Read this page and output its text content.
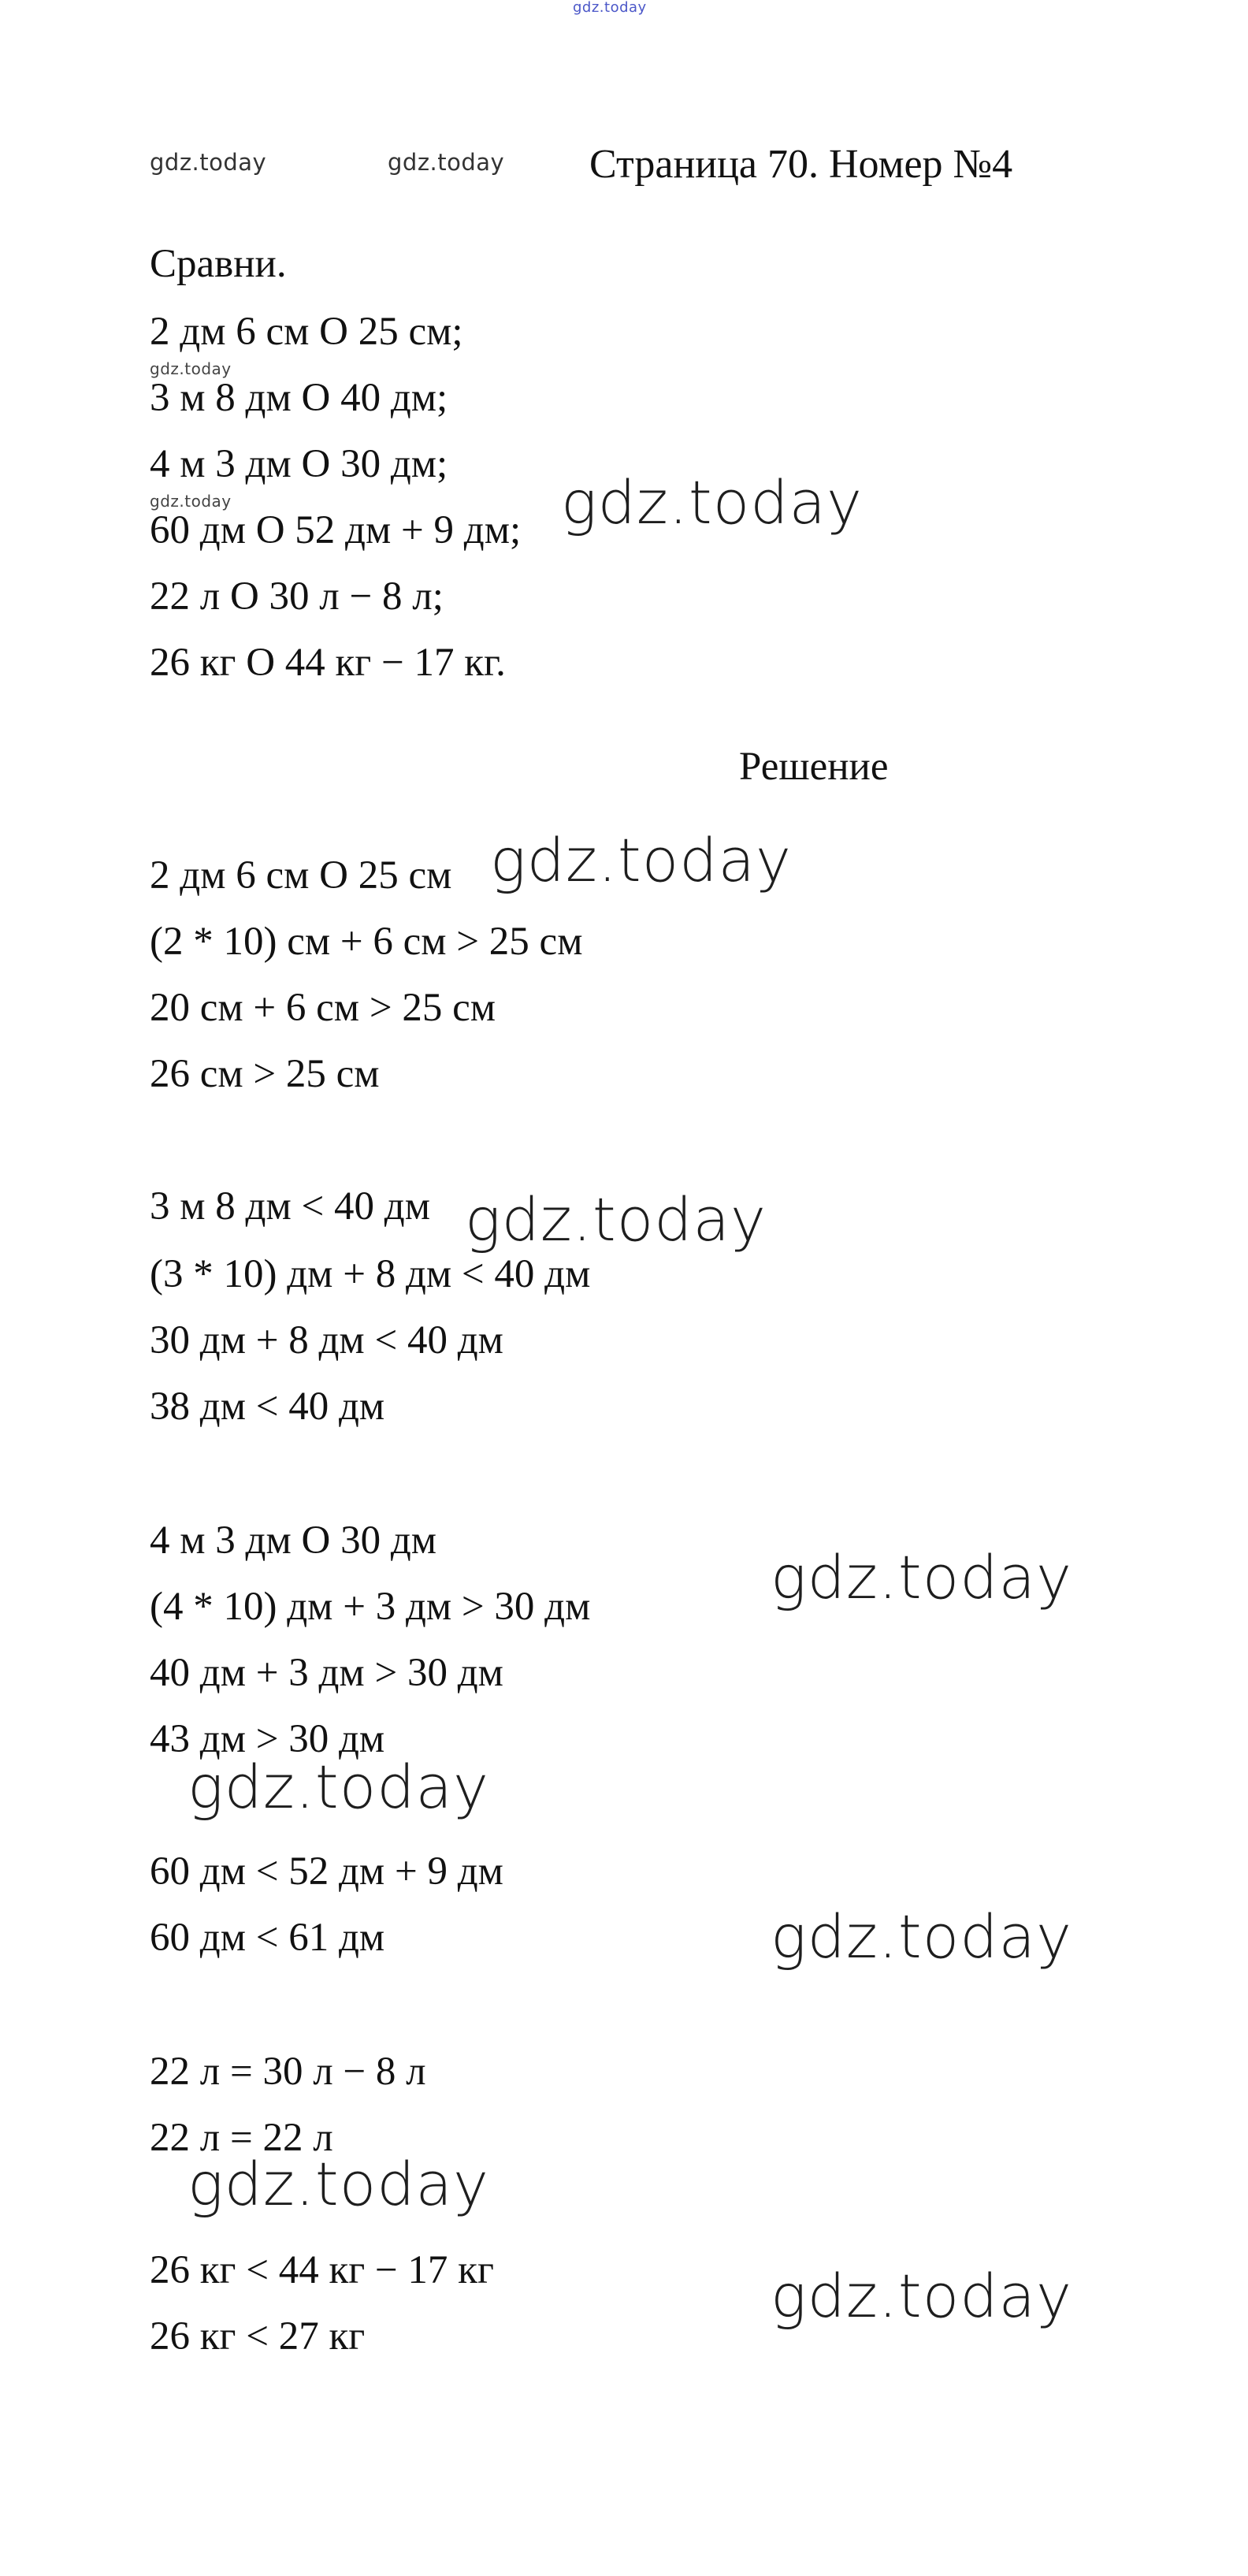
gdz.today
gdz.today	gdz.today Страница 70. Номер №4
Сравни.
2 дм 6 см О 25 см;
gdz.today
3 м 8 дм О 40 дм;
4 м 3 дм О 30 дм;
gdz.today
60 дм О 52 дм + 9 дм; gdz.today
22 л О 30 л − 8 л;
26 кг О 44 кг − 17 кг.
Решение
2 дм 6 см О 25 см gdz.today
(2 * 10) см + 6 см > 25 см
20 см + 6 см > 25 см
26 см > 25 см
3 м 8 дм < 40 дм gdz.today
(3 * 10) дм + 8 дм < 40 дм
30 дм + 8 дм < 40 дм
38 дм < 40 дм
4 м 3 дм О 30 дм
(4 * 10) дм + 3 дм > 30 дм	gdz.today
40 дм + 3 дм > 30 дм
43 дм > 30 дм
gdz.today
60 дм < 52 дм + 9 дм
60 дм < 61 дм	gdz.today
22 л = 30 л − 8 л
22 л = 22 л
gdz.today
26 кг < 44 кг − 17 кг	gdz.today
26 кг < 27 кг
